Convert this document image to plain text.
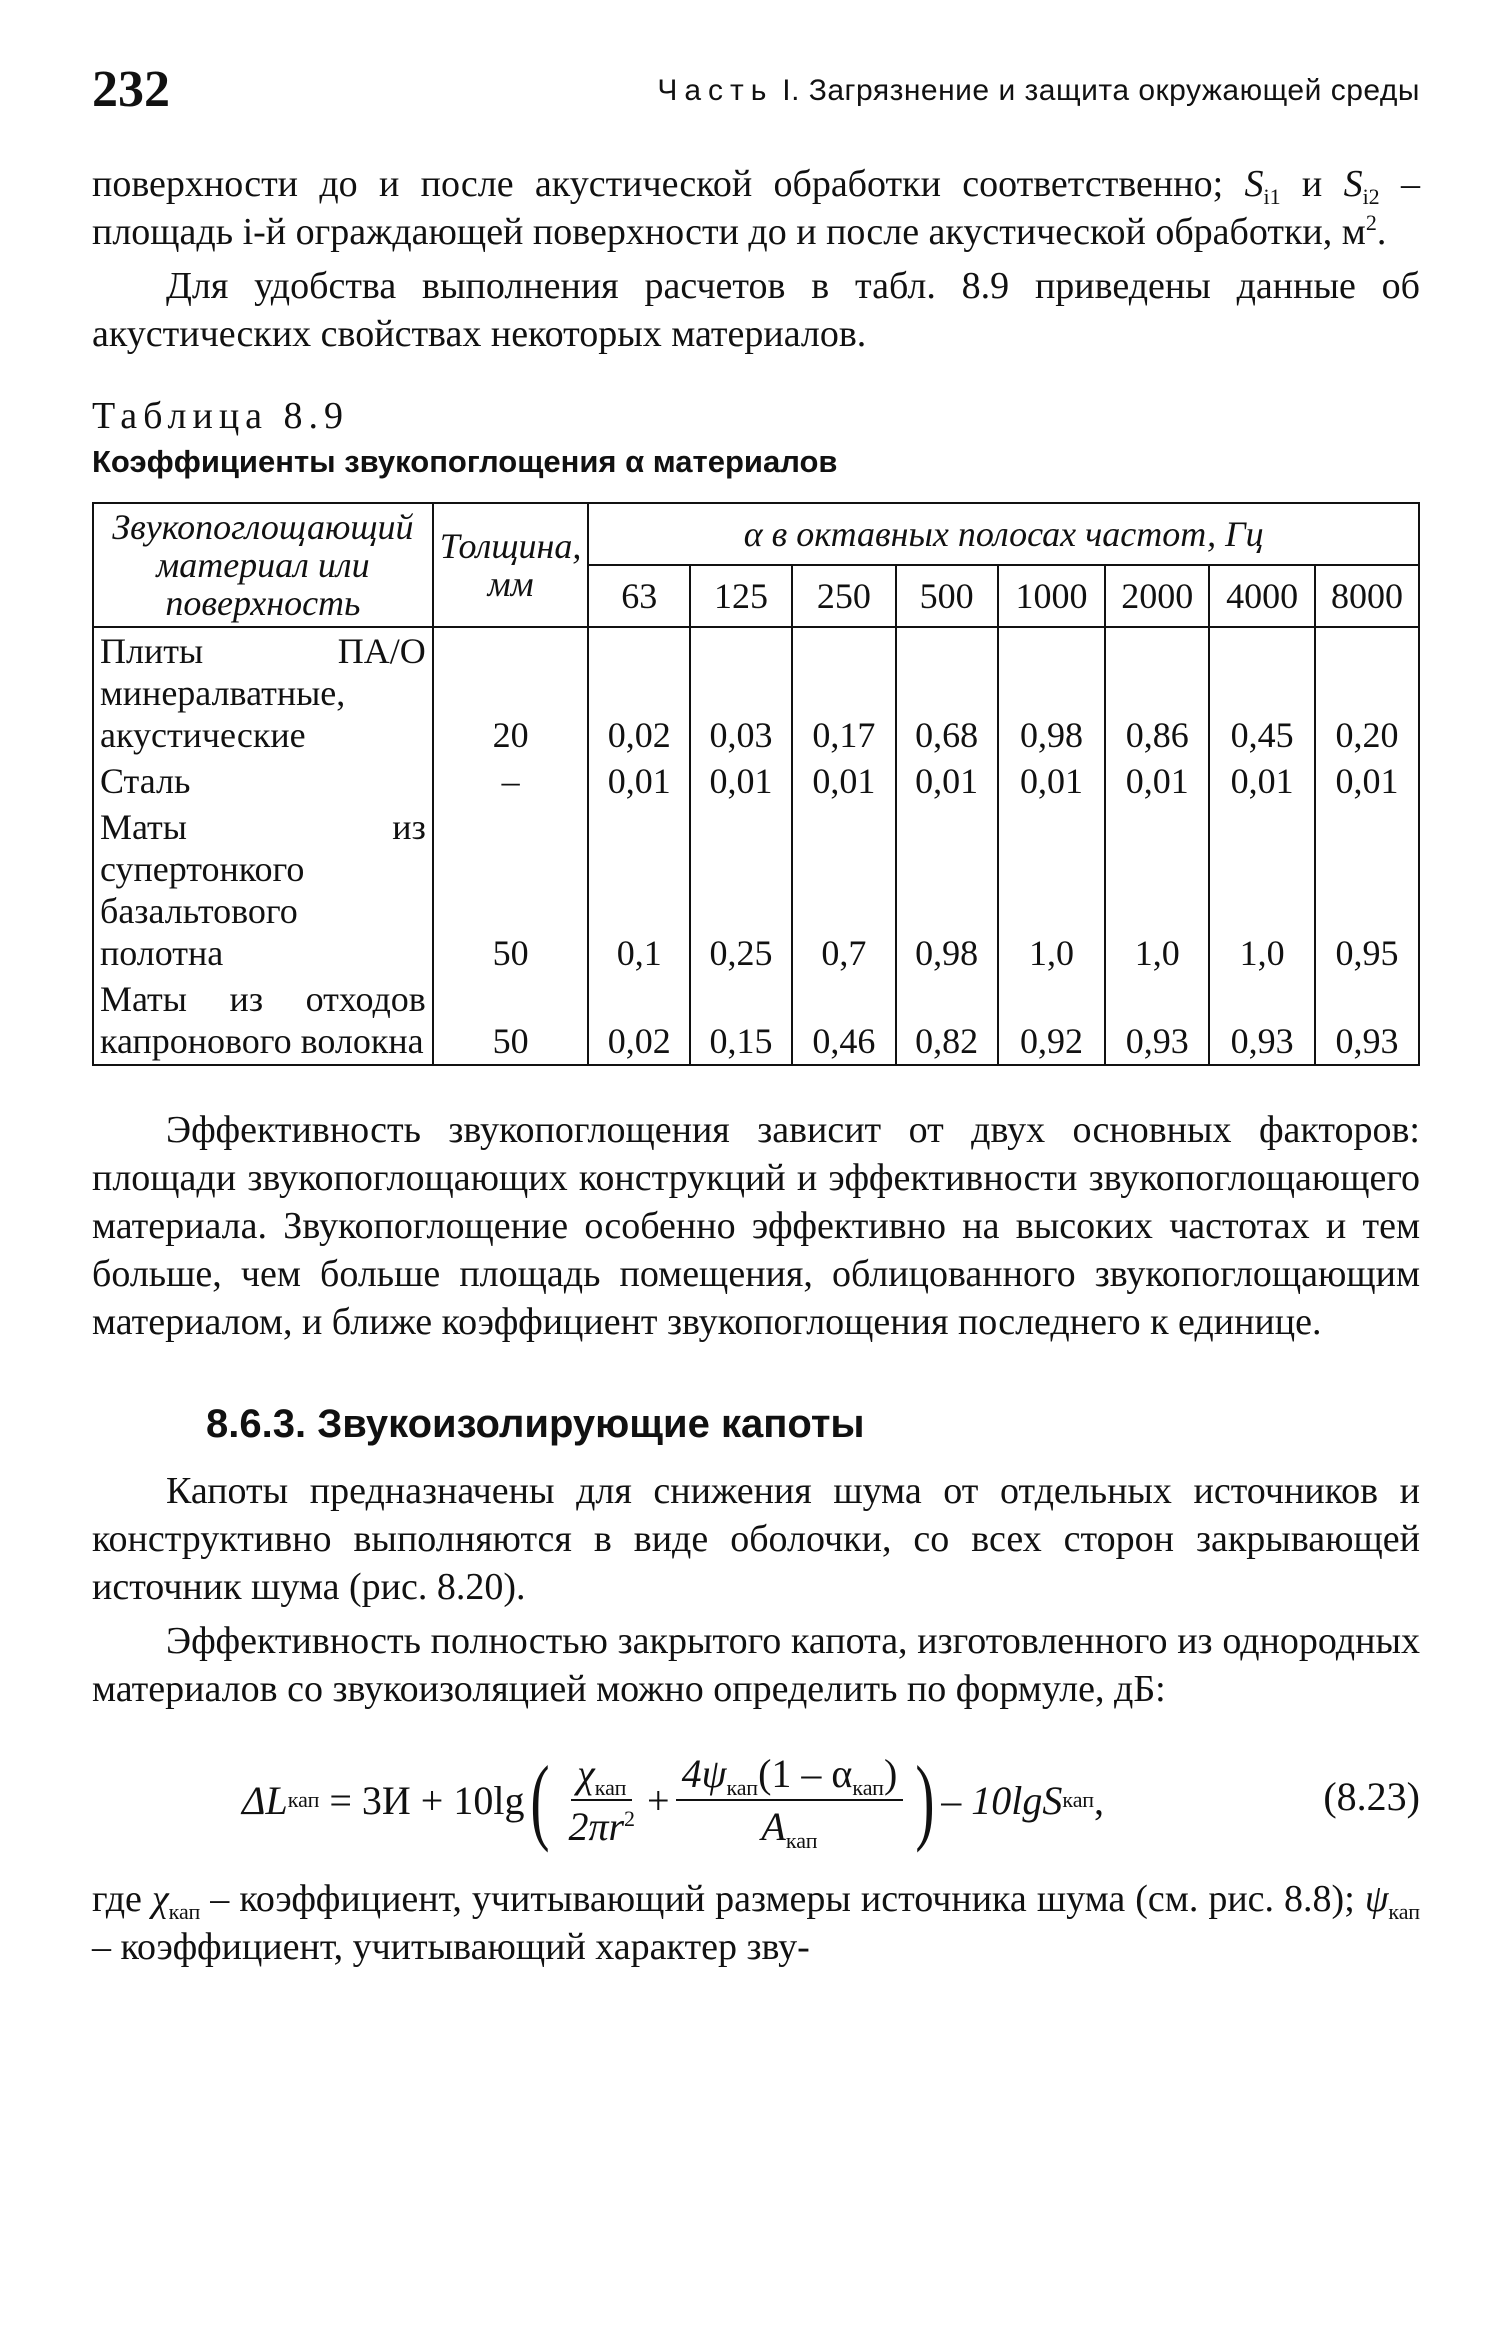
232	Часть I. Загрязнение и защита окружающей среды

поверхности до и после акустической обработки соответственно; $S_{i1}$ и $S_{i2}$ – площадь i-й ограждающей поверхности до и после акустической обработки, $м^2$.

Для удобства выполнения расчетов в табл. 8.9 приведены данные об акустических свойствах некоторых материалов.

Таблица 8.9
Коэффициенты звукопоглощения α материалов
Звукопоглощающий материал или поверхность	Толщина, мм	α в октавных полосах частот, Гц							
		63	125	250	500	1000	2000	4000	8000
Плиты ПА/О минералватные, акустические	20	0,02	0,03	0,17	0,68	0,98	0,86	0,45	0,20
Сталь	–	0,01	0,01	0,01	0,01	0,01	0,01	0,01	0,01
Маты из супертонкого базальтового полотна	50	0,1	0,25	0,7	0,98	1,0	1,0	1,0	0,95
Маты из отходов капронового волокна	50	0,02	0,15	0,46	0,82	0,92	0,93	0,93	0,93

Эффективность звукопоглощения зависит от двух основных факторов: площади звукопоглощающих конструкций и эффективности звукопоглощающего материала. Звукопоглощение особенно эффективно на высоких частотах и тем больше, чем больше площадь помещения, облицованного звукопоглощающим материалом, и ближе коэффициент звукопоглощения последнего к единице.

8.6.3. Звукоизолирующие капоты

Капоты предназначены для снижения шума от отдельных источников и конструктивно выполняются в виде оболочки, со всех сторон закрывающей источник шума (рис. 8.20).

Эффективность полностью закрытого капота, изготовленного из однородных материалов со звукоизоляцией можно определить по формуле, дБ:

ΔL кап = 3И + 10lg ( $\frac{\chi_{кап}}{2\pi r^2} + \frac{4\psi_{кап}(1 - \alpha_{кап})}{A_{кап}}$ ) – 10lgS кап ,	(8.23)

где $\chi_{кап}$ – коэффициент, учитывающий размеры источника шума (см. рис. 8.8); $\psi_{кап}$ – коэффициент, учитывающий характер зву-
